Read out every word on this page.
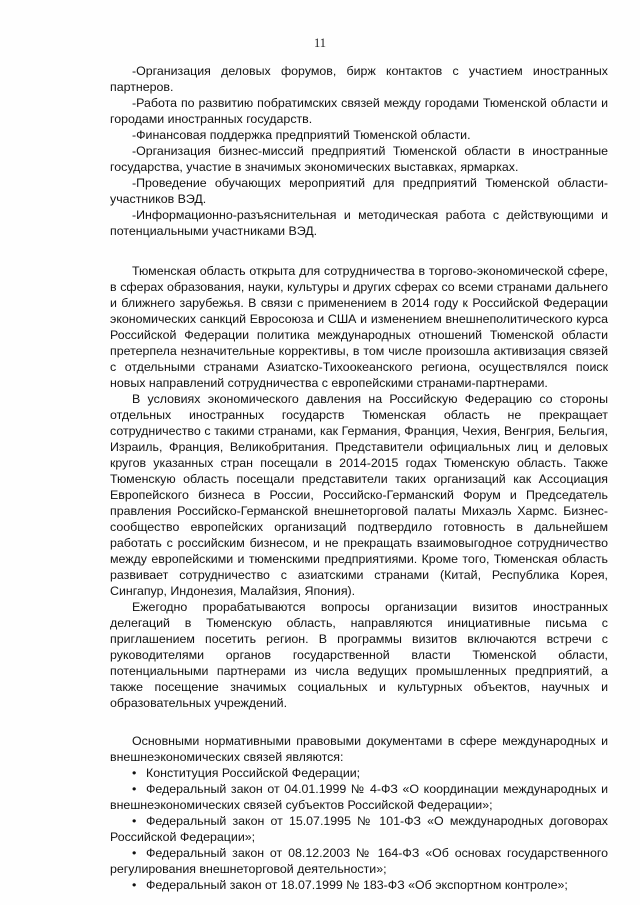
11

-Организация деловых форумов, бирж контактов с участием иностранных партнеров.

-Работа по развитию побратимских связей между городами Тюменской области и городами иностранных государств.

-Финансовая поддержка предприятий Тюменской области.

-Организация бизнес-миссий предприятий Тюменской области в иностранные государства, участие в значимых экономических выставках, ярмарках.

-Проведение обучающих мероприятий для предприятий Тюменской области-участников ВЭД.

-Информационно-разъяснительная и методическая работа с действующими и потенциальными участниками ВЭД.

Тюменская область открыта для сотрудничества в торгово-экономической сфере, в сферах образования, науки, культуры и других сферах со всеми странами дальнего и ближнего зарубежья. В связи с применением в 2014 году к Российской Федерации экономических санкций Евросоюза и США и изменением внешнеполитического курса Российской Федерации политика международных отношений Тюменской области претерпела незначительные коррективы, в том числе произошла активизация связей с отдельными странами Азиатско-Тихоокеанского региона, осуществлялся поиск новых направлений сотрудничества с европейскими странами-партнерами.

В условиях экономического давления на Российскую Федерацию со стороны отдельных иностранных государств Тюменская область не прекращает сотрудничество с такими странами, как Германия, Франция, Чехия, Венгрия, Бельгия, Израиль, Франция, Великобритания. Представители официальных лиц и деловых кругов указанных стран посещали в 2014-2015 годах Тюменскую область. Также Тюменскую область посещали представители таких организаций как Ассоциация Европейского бизнеса в России, Российско-Германский Форум и Председатель правления Российско-Германской внешнеторговой палаты Михаэль Хармс. Бизнес-сообщество европейских организаций подтвердило готовность в дальнейшем работать с российским бизнесом, и не прекращать взаимовыгодное сотрудничество между европейскими и тюменскими предприятиями. Кроме того, Тюменская область развивает сотрудничество с азиатскими странами (Китай, Республика Корея, Сингапур, Индонезия, Малайзия, Япония).

Ежегодно прорабатываются вопросы организации визитов иностранных делегаций в Тюменскую область, направляются инициативные письма с приглашением посетить регион. В программы визитов включаются встречи с руководителями органов государственной власти Тюменской области, потенциальными партнерами из числа ведущих промышленных предприятий, а также посещение значимых социальных и культурных объектов, научных и образовательных учреждений.

Основными нормативными правовыми документами в сфере международных и внешнеэкономических связей являются:

• Конституция Российской Федерации;
• Федеральный закон от 04.01.1999 № 4-ФЗ «О координации международных и внешнеэкономических связей субъектов Российской Федерации»;
• Федеральный закон от 15.07.1995 № 101-ФЗ «О международных договорах Российской Федерации»;
• Федеральный закон от 08.12.2003 № 164-ФЗ «Об основах государственного регулирования внешнеторговой деятельности»;
• Федеральный закон от 18.07.1999 № 183-ФЗ «Об экспортном контроле»;
